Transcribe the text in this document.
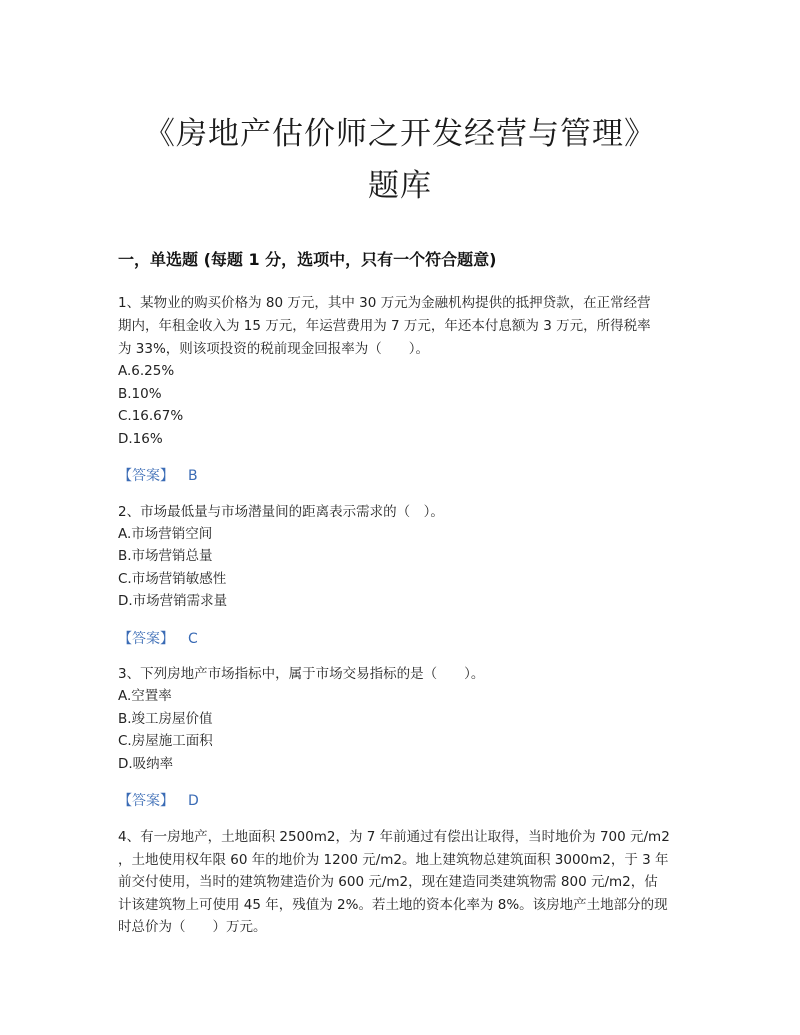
《房地产估价师之开发经营与管理》
题库
一，单选题 (每题 1 分，选项中，只有一个符合题意)
1、某物业的购买价格为 80 万元，其中 30 万元为金融机构提供的抵押贷款，在正常经营
期内，年租金收入为 15 万元，年运营费用为 7 万元，年还本付息额为 3 万元，所得税率
为 33%，则该项投资的税前现金回报率为（　　）。
A.6.25%
B.10%
C.16.67%
D.16%
【答案】 B
2、市场最低量与市场潜量间的距离表示需求的（　）。
A.市场营销空间
B.市场营销总量
C.市场营销敏感性
D.市场营销需求量
【答案】 C
3、下列房地产市场指标中，属于市场交易指标的是（　　）。
A.空置率
B.竣工房屋价值
C.房屋施工面积
D.吸纳率
【答案】 D
4、有一房地产，土地面积 2500m2，为 7 年前通过有偿出让取得，当时地价为 700 元/m2
，土地使用权年限 60 年的地价为 1200 元/m2。地上建筑物总建筑面积 3000m2，于 3 年
前交付使用，当时的建筑物建造价为 600 元/m2，现在建造同类建筑物需 800 元/m2，估
计该建筑物上可使用 45 年，残值为 2%。若土地的资本化率为 8%。该房地产土地部分的现
时总价为（　　）万元。
